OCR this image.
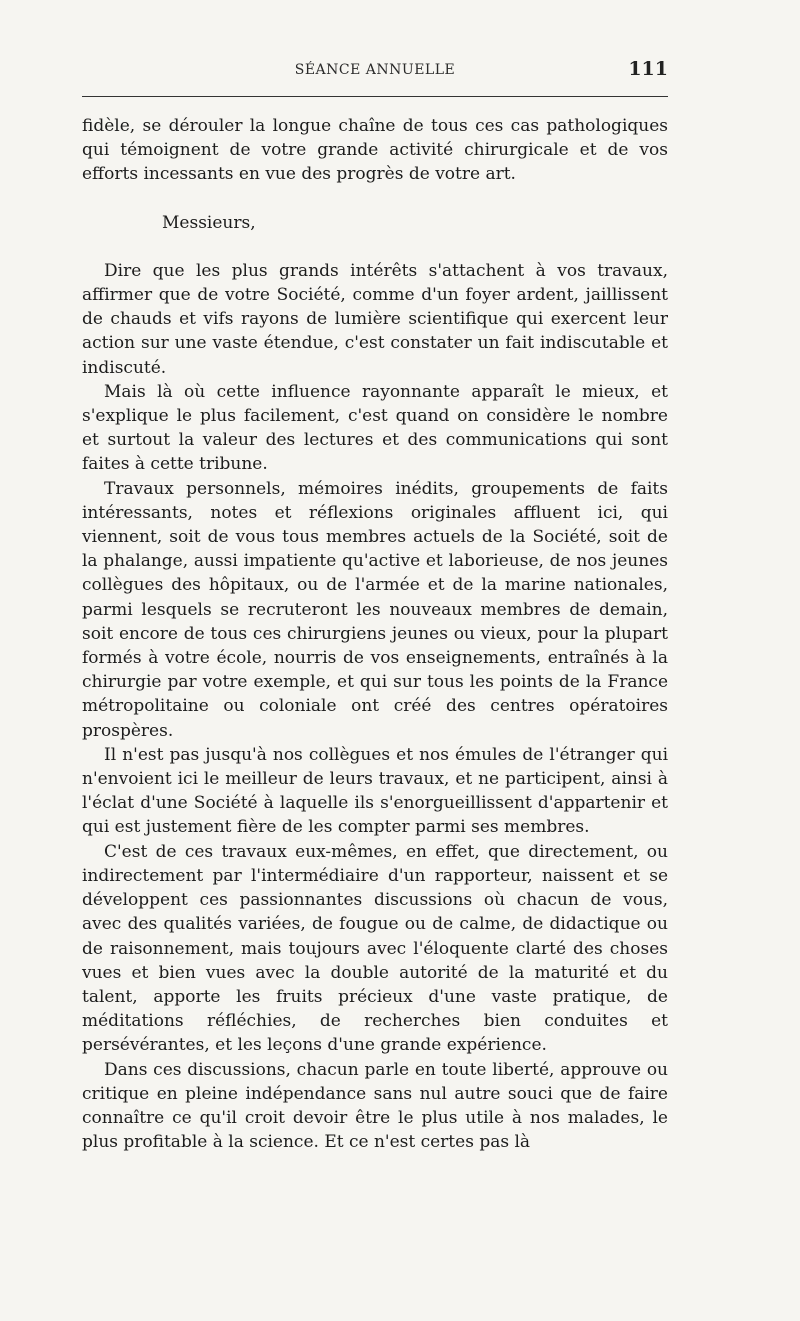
SÉANCE ANNUELLE	111

fidèle, se dérouler la longue chaîne de tous ces cas pathologiques qui témoignent de votre grande activité chirurgicale et de vos efforts incessants en vue des progrès de votre art.

Messieurs,

Dire que les plus grands intérêts s'attachent à vos travaux, affirmer que de votre Société, comme d'un foyer ardent, jaillissent de chauds et vifs rayons de lumière scientifique qui exercent leur action sur une vaste étendue, c'est constater un fait indiscutable et indiscuté.

Mais là où cette influence rayonnante apparaît le mieux, et s'explique le plus facilement, c'est quand on considère le nombre et surtout la valeur des lectures et des communications qui sont faites à cette tribune.

Travaux personnels, mémoires inédits, groupements de faits intéressants, notes et réflexions originales affluent ici, qui viennent, soit de vous tous membres actuels de la Société, soit de la phalange, aussi impatiente qu'active et laborieuse, de nos jeunes collègues des hôpitaux, ou de l'armée et de la marine nationales, parmi lesquels se recruteront les nouveaux membres de demain, soit encore de tous ces chirurgiens jeunes ou vieux, pour la plupart formés à votre école, nourris de vos enseignements, entraînés à la chirurgie par votre exemple, et qui sur tous les points de la France métropolitaine ou coloniale ont créé des centres opératoires prospères.

Il n'est pas jusqu'à nos collègues et nos émules de l'étranger qui n'envoient ici le meilleur de leurs travaux, et ne participent, ainsi à l'éclat d'une Société à laquelle ils s'enorgueillissent d'appartenir et qui est justement fière de les compter parmi ses membres.

C'est de ces travaux eux-mêmes, en effet, que directement, ou indirectement par l'intermédiaire d'un rapporteur, naissent et se développent ces passionnantes discussions où chacun de vous, avec des qualités variées, de fougue ou de calme, de didactique ou de raisonnement, mais toujours avec l'éloquente clarté des choses vues et bien vues avec la double autorité de la maturité et du talent, apporte les fruits précieux d'une vaste pratique, de méditations réfléchies, de recherches bien conduites et persévérantes, et les leçons d'une grande expérience.

Dans ces discussions, chacun parle en toute liberté, approuve ou critique en pleine indépendance sans nul autre souci que de faire connaître ce qu'il croit devoir être le plus utile à nos malades, le plus profitable à la science. Et ce n'est certes pas là
